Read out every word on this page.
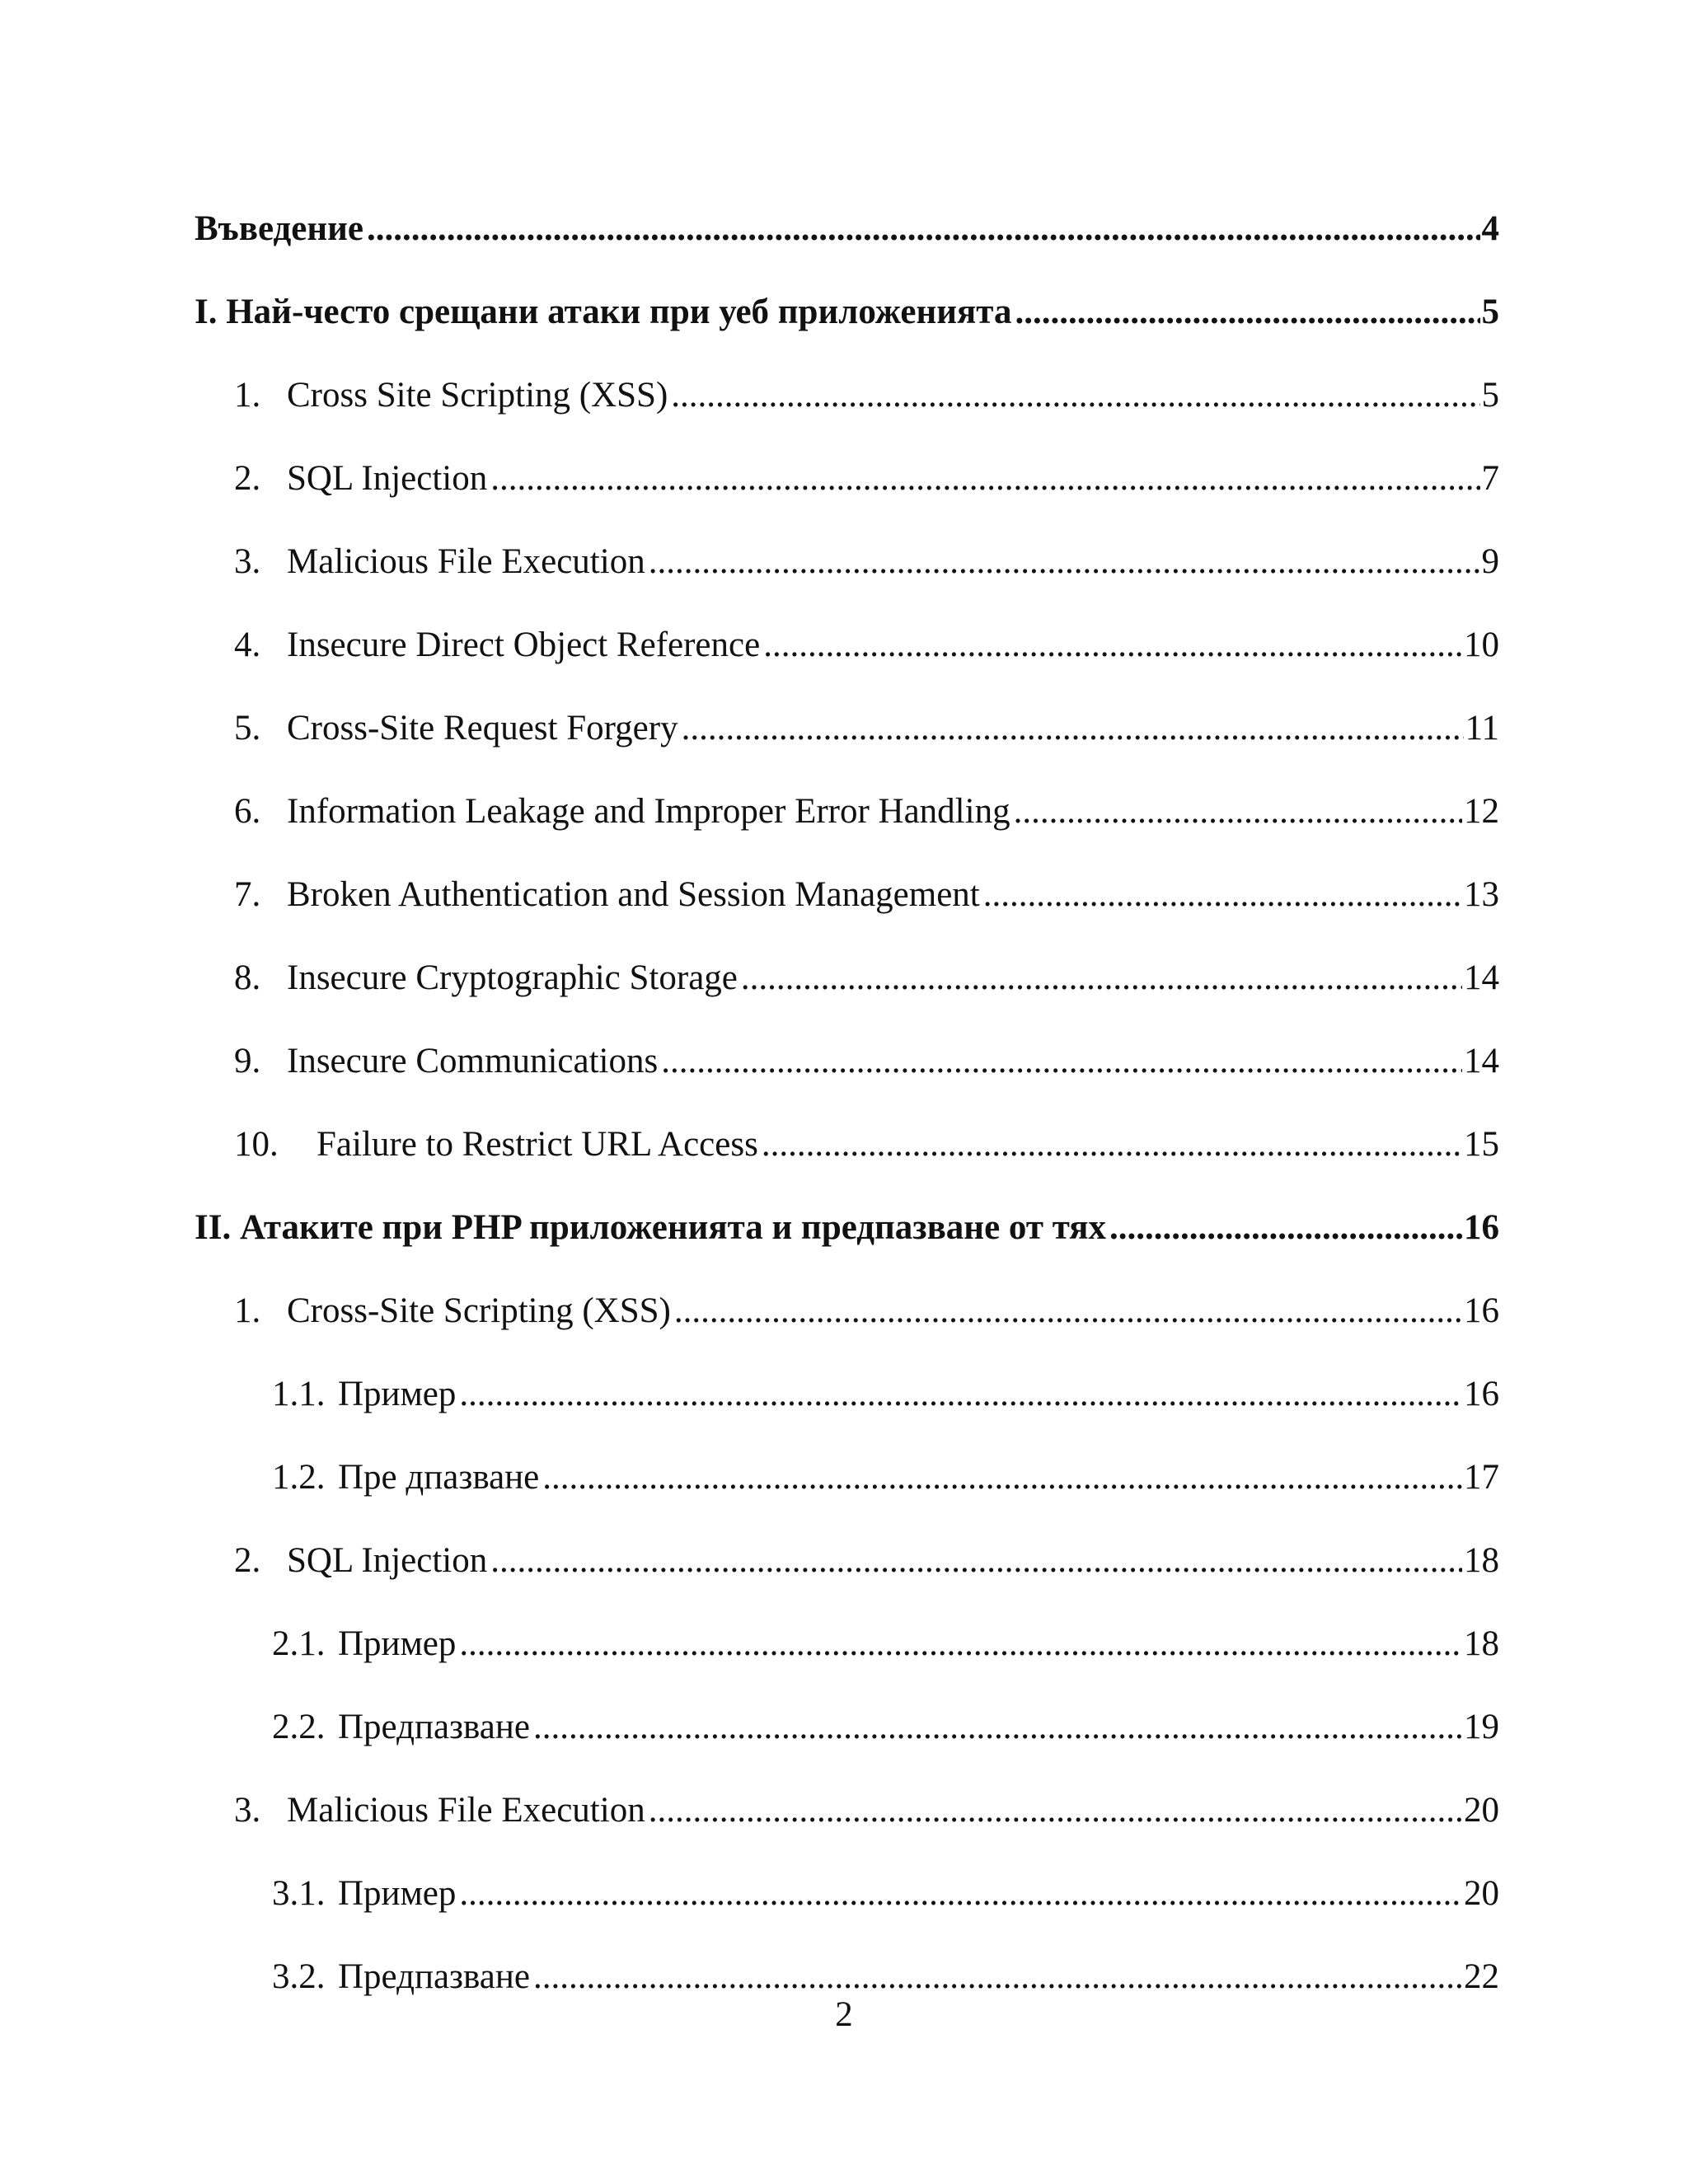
Въведение .....	4
I. Най-често срещани атаки при уеб приложенията .....	5
1. Cross Site Scripting (XSS) .....	5
2. SQL Injection .....	7
3. Malicious File Execution .....	9
4. Insecure Direct Object Reference .....	10
5. Cross-Site Request Forgery .....	11
6. Information Leakage and Improper Error Handling .....	12
7. Broken Authentication and Session Management .....	13
8. Insecure Cryptographic Storage .....	14
9. Insecure Communications .....	14
10.	Failure to Restrict URL Access .....	15
II. Атаките при PHP приложенията и предпазване от тях .....	16
1. Cross-Site Scripting (XSS) .....	16
1.1. Пример .....	16
1.2. Пре дпазване .....	17
2. SQL Injection .....	18
2.1. Пример .....	18
2.2. Предпазване .....	19
3. Malicious File Execution .....	20
3.1. Пример .....	20
3.2. Предпазване .....	22
2
